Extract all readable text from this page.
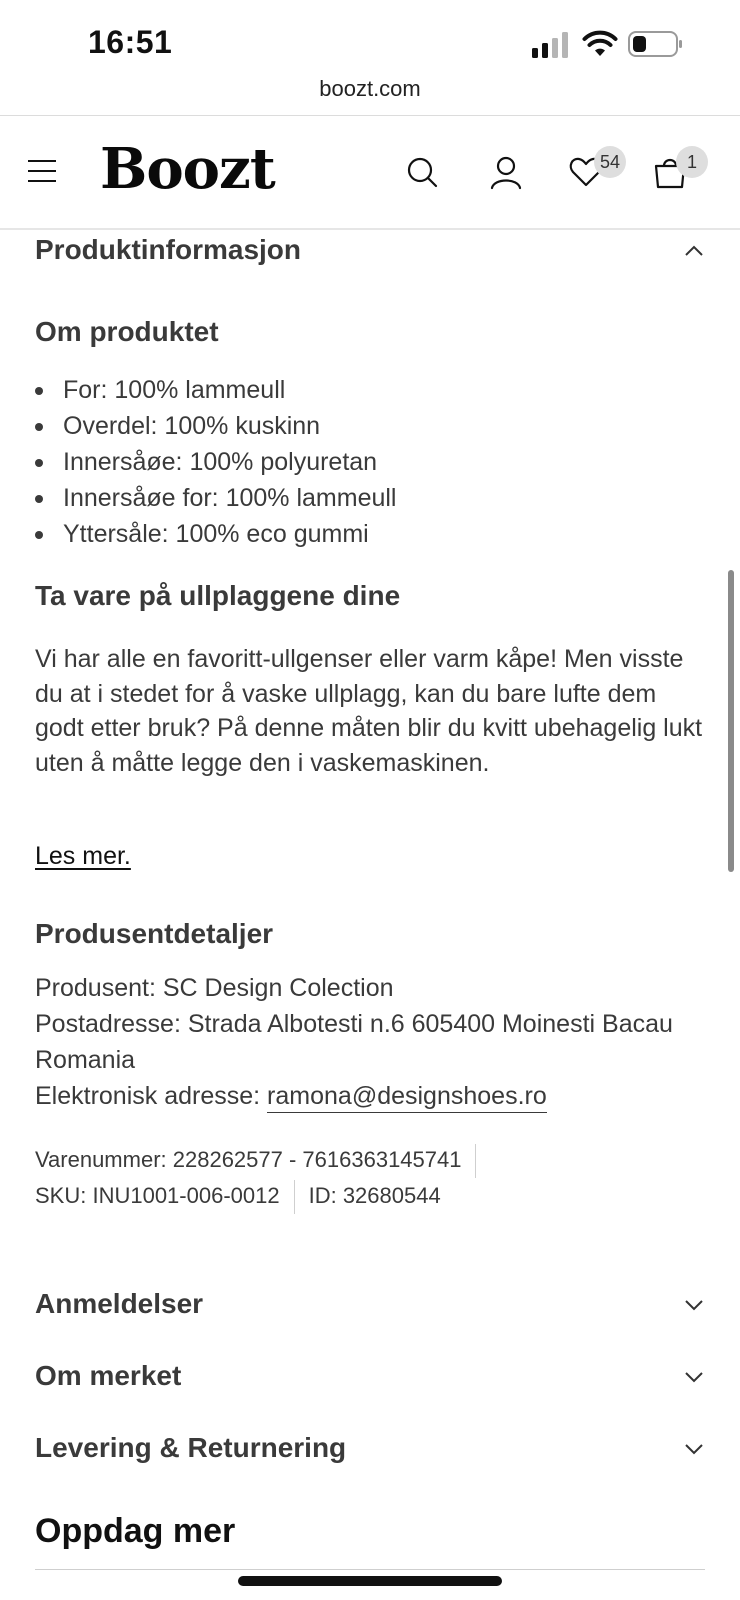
16:51
boozt.com
Boozt	54	1
Produktinformasjon
Om produktet
For: 100% lammeull
Overdel: 100% kuskinn
Innersåøe: 100% polyuretan
Innersåøe for: 100% lammeull
Yttersåle: 100% eco gummi
Ta vare på ullplaggene dine
Vi har alle en favoritt-ullgenser eller varm kåpe! Men visste du at i stedet for å vaske ullplagg, kan du bare lufte dem godt etter bruk? På denne måten blir du kvitt ubehagelig lukt uten å måtte legge den i vaskemaskinen.
Les mer.
Produsentdetaljer
Produsent: SC Design Colection
Postadresse: Strada Albotesti n.6 605400 Moinesti Bacau Romania
Elektronisk adresse: ramona@designshoes.ro
Varenummer: 228262577 - 7616363145741
SKU: INU1001-006-0012 ID: 32680544
Anmeldelser
Om merket
Levering & Returnering
Oppdag mer
